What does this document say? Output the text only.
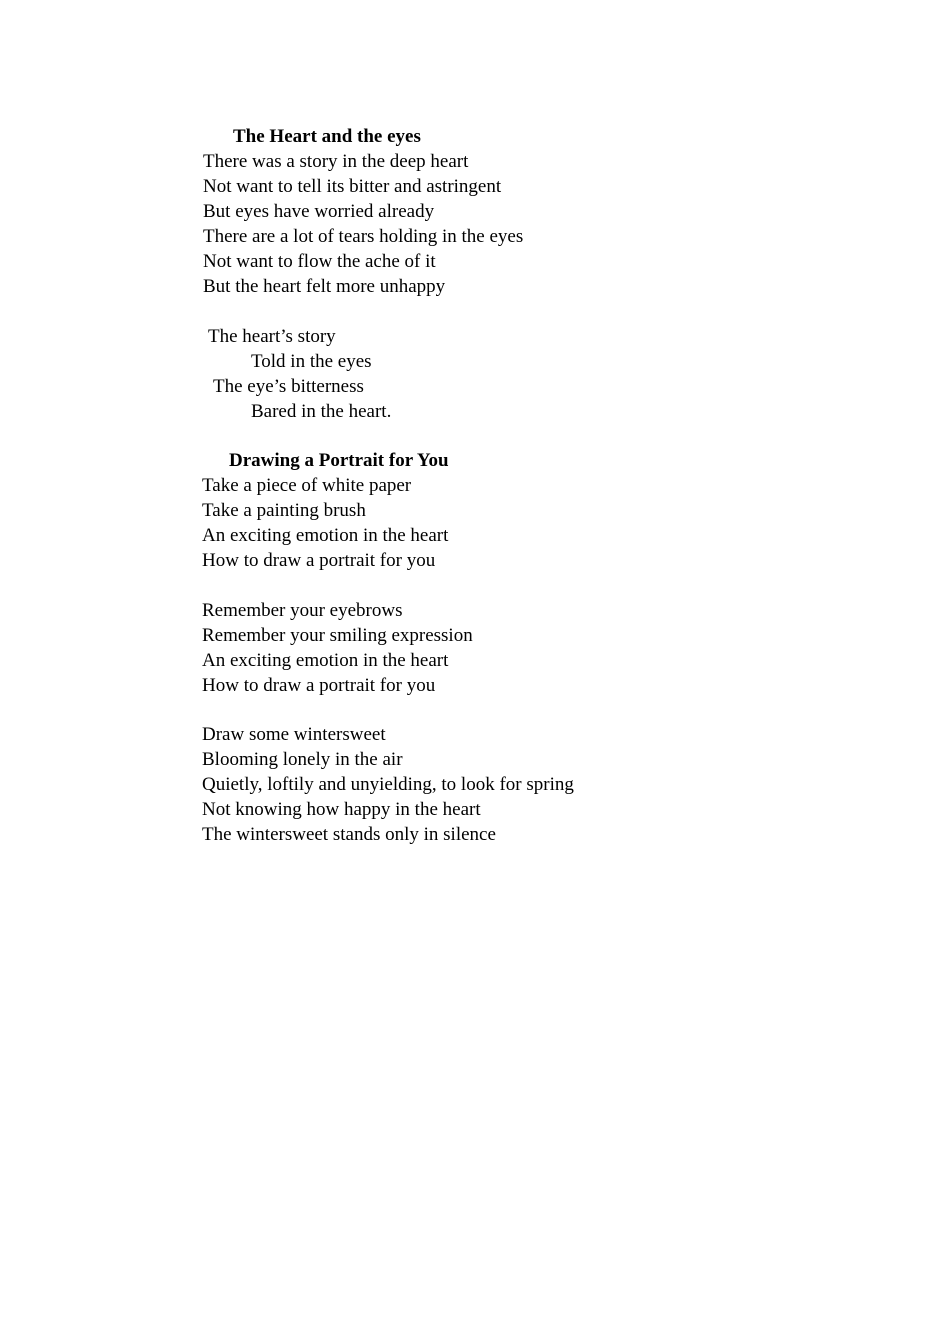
The Heart and the eyes
There was a story in the deep heart
Not want to tell its bitter and astringent
But eyes have worried already
There are a lot of tears holding in the eyes
Not want to flow the ache of it
But the heart felt more unhappy
The heart’s story
Told in the eyes
The eye’s bitterness
Bared in the heart.
Drawing a Portrait for You
Take a piece of white paper
Take a painting brush
An exciting emotion in the heart
How to draw a portrait for you
Remember your eyebrows
Remember your smiling expression
An exciting emotion in the heart
How to draw a portrait for you
Draw some wintersweet
Blooming lonely in the air
Quietly, loftily and unyielding, to look for spring
Not knowing how happy in the heart
The wintersweet stands only in silence
